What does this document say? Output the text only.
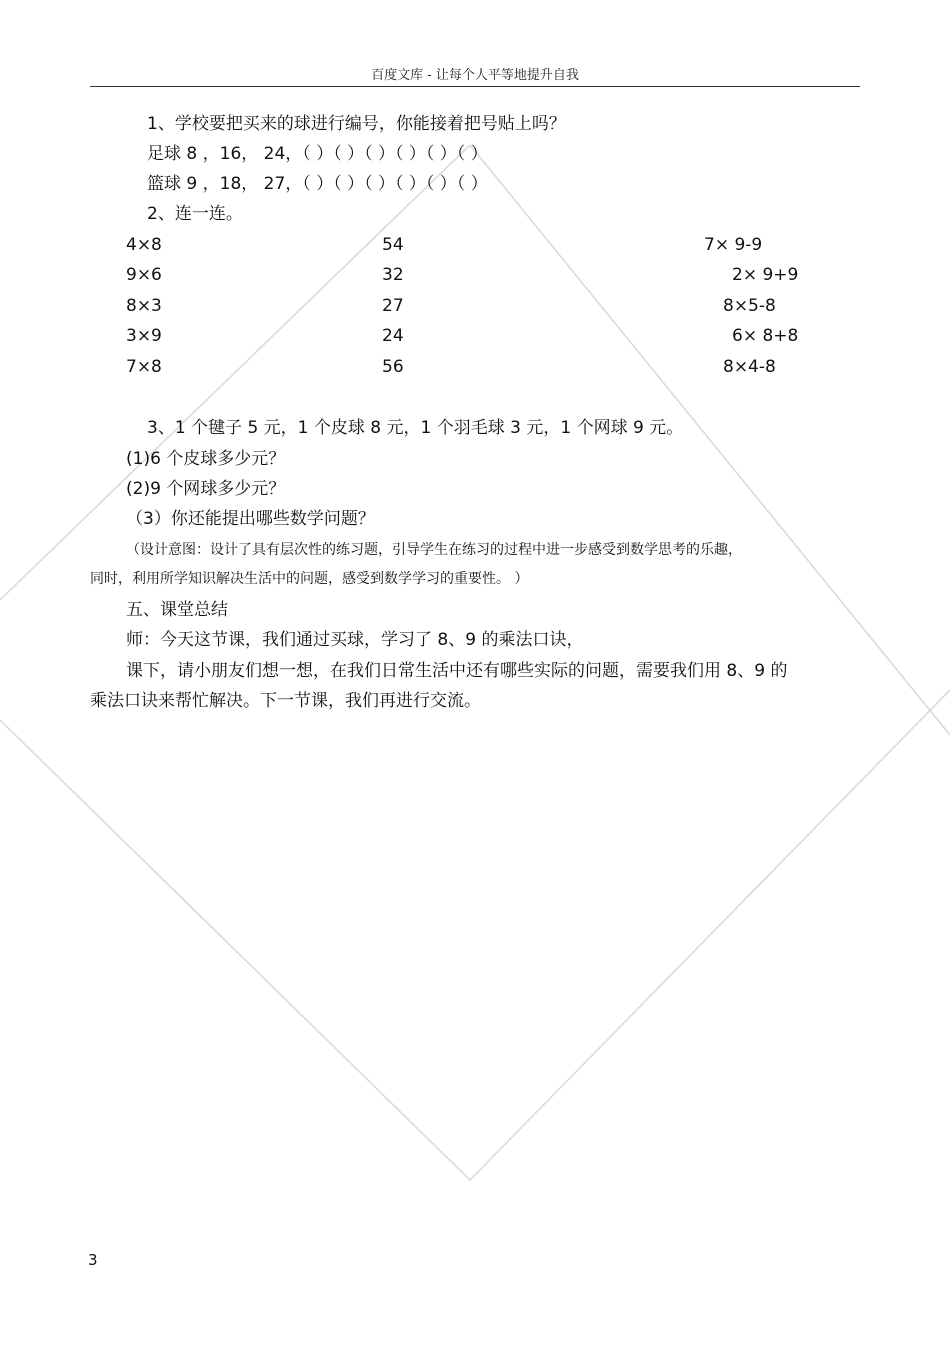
百度文库 - 让每个人平等地提升自我
1、学校要把买来的球进行编号，你能接着把号贴上吗？
足球 8 ，16， 24，（ ）（ ）（ ）（ ）（ ）（ ）
篮球 9 ，18， 27，（ ）（ ）（ ）（ ）（ ）（ ）
2、连一连。
4×8
9×6
8×3
3×9
7×8
54
32
27
24
56
7× 9-9
2× 9+9
8×5-8
6× 8+8
8×4-8
3、1 个毽子 5 元，1 个皮球 8 元，1 个羽毛球 3 元，1 个网球 9 元。
(1)6 个皮球多少元？
(2)9 个网球多少元？
（3）你还能提出哪些数学问题？
（设计意图：设计了具有层次性的练习题，引导学生在练习的过程中进一步感受到数学思考的乐趣，
同时，利用所学知识解决生活中的问题，感受到数学学习的重要性。 ）
五、课堂总结
师：今天这节课，我们通过买球，学习了 8、9 的乘法口诀，
课下，请小朋友们想一想，在我们日常生活中还有哪些实际的问题，需要我们用 8、9 的
乘法口诀来帮忙解决。下一节课，我们再进行交流。
3
